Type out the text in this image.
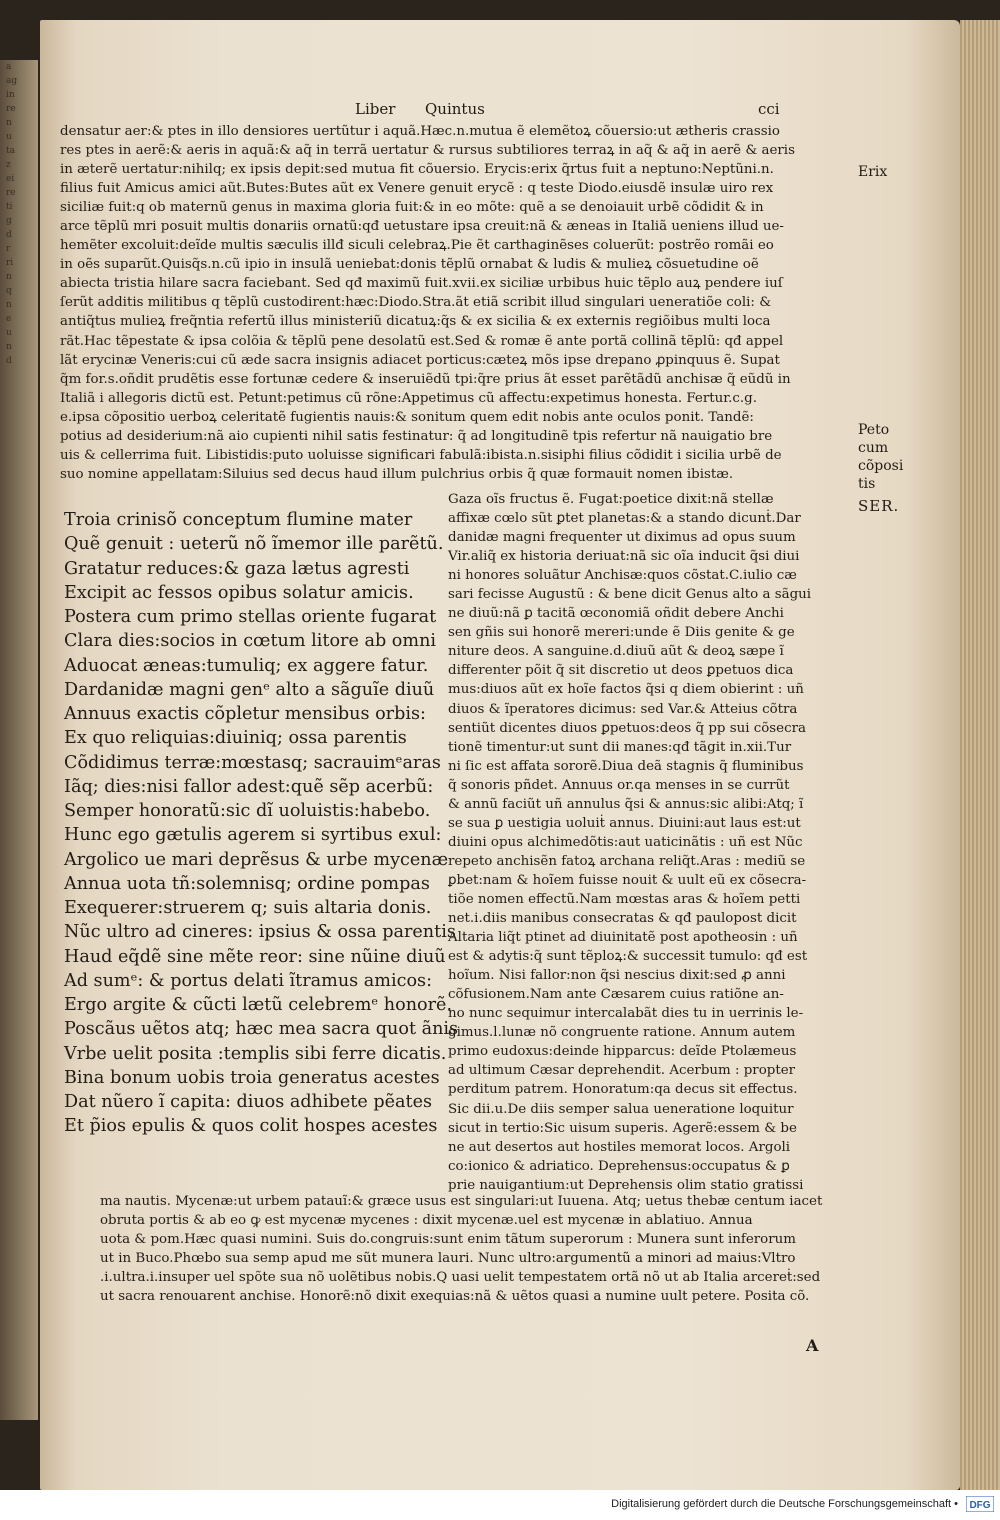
a
ag
in
re
n
u
ta
z
ei
re
ti
g
d
r
ri
n
q
n
e
u
n
d
Liber Quintus	cci
densatur aer:& ptes in illo densiores uertũtur i aquã.Hæc.n.mutua ẽ elemẽtoꝝ cõuersio:ut ætheris crassio
res ptes in aerẽ:& aeris in aquã:& aq̃ in terrã uertatur & rursus subtiliores terraꝝ in aq̃ & aq̃ in aerẽ & aeris
in æterẽ uertatur:nihilq; ex ipsis depit:sed mutua fit cõuersio. Erycis:erix q̃rtus fuit a neptuno:Neptũni.n.
filius fuit Amicus amici aũt.Butes:Butes aũt ex Venere genuit erycẽ : q teste Diodo.eiusdẽ insulæ uiro rex
siciliæ fuit:q ob maternũ genus in maxima gloria fuit:& in eo mõte: quẽ a se denoiauit urbẽ cõdidit & in
arce tẽplũ mri posuit multis donariis ornatũ:qđ uetustare ipsa creuit:nã & æneas in Italiã ueniens illud ue-
hemẽter excoluit:deĩde multis sæculis illđ siculi celebraꝝ.Pie ẽt carthaginẽses coluerũt: postrẽo romãi eo
in oẽs suparũt.Quisq̃s.n.cũ ipio in insulã ueniebat:donis tẽplũ ornabat & ludis & mulieꝝ cõsuetudine oẽ
abiecta tristia hilare sacra faciebant. Sed qđ maximũ fuit.xvii.ex siciliæ urbibus huic tẽplo auꝝ pendere iuſ
ſerũt additis militibus q tẽplũ custodirent:hæc:Diodo.Stra.ãt etiã scribit illud singulari ueneratiõe coli: &
antiq̃tus mulieꝝ freq̃ntia refertũ illus ministeriũ dicatuꝝ:q̃s & ex sicilia & ex externis regiõibus multi loca
rãt.Hac tẽpestate & ipsa colõia & tẽplũ pene desolatũ est.Sed & romæ ẽ ante portã collinã tẽplũ: qđ appel
lãt erycinæ Veneris:cui cũ æde sacra insignis adiacet porticus:cæteꝝ mõs ipse drepano ꝓpinquus ẽ. Supat
q̃m for.s.oñdit prudẽtis esse fortunæ cedere & inseruiẽdũ tpi:q̃re prius ãt esset parẽtãdũ anchisæ q̃ eũdũ in
Italiã i allegoris dictũ est. Petunt:petimus cũ rõne:Appetimus cũ affectu:expetimus honesta. Fertur.c.g.
e.ipsa cõpositio uerboꝝ celeritatẽ fugientis nauis:& sonitum quem edit nobis ante oculos ponit. Tandẽ:
potius ad desiderium:nã aio cupienti nihil satis festinatur: q̃ ad longitudinẽ tpis refertur nã nauigatio bre
uis & cellerrima fuit. Libistidis:puto uoluisse significari fabulã:ibista.n.sisiphi filius cõdidit i sicilia urbẽ de
suo nomine appellatam:Siluius sed decus haud illum pulchrius orbis q̃ quæ formauit nomen ibistæ.
Erix
Peto
cum
cõposi
tis
SER.
Troia crinisõ conceptum flumine mater
Quẽ genuit : ueterũ nõ ĩmemor ille parẽtũ.
Gratatur reduces:& gaza lætus agresti
Excipit ac fessos opibus solatur amicis.
Postera cum primo stellas oriente fugarat
Clara dies:socios in cœtum litore ab omni
Aduocat æneas:tumuliq; ex aggere fatur.
Dardanidæ magni genᵉ alto a sãguĩe diuũ
Annuus exactis cõpletur mensibus orbis:
Ex quo reliquias:diuiniq; ossa parentis
Cõdidimus terræ:mœstasq; sacrauimᵉaras
Iãq; dies:nisi fallor adest:quẽ sẽp acerbũ:
Semper honoratũ:sic dĩ uoluistis:habebo.
Hunc ego gætulis agerem si syrtibus exul:
Argolico ue mari deprẽsus & urbe mycenæ
Annua uota tñ:solemnisq; ordine pompas
Exequerer:struerem q; suis altaria donis.
Nũc ultro ad cineres: ipsius & ossa parentis
Haud eq̃dẽ sine mẽte reor: sine nũine diuũ
Ad sumᵉ: & portus delati ĩtramus amicos:
Ergo argite & cũcti lætũ celebremᵉ honorẽ.
Poscãus uẽtos atq; hæc mea sacra quot ãnis
Vrbe uelit posita :templis sibi ferre dicatis.
Bina bonum uobis troia generatus acestes
Dat nũero ĩ capita: diuos adhibete pẽates
Et p̃ios epulis & quos colit hospes acestes
Gaza oĩs fructus ẽ. Fugat:poetice dixit:nã stellæ
affixæ cœlo sũt ꝑtet planetas:& a stando dicunṫ.Dar
danidæ magni frequenter ut diximus ad opus suum
Vir.aliq̃ ex historia deriuat:nã sic oĩa inducit q̃si diui
ni honores soluãtur Anchisæ:quos cõstat.C.iulio cæ
sari fecisse Augustũ : & bene dicit Genus alto a sãgui
ne diuũ:nã ꝑ tacitã œconomiã oñdit debere Anchi
sen gñis sui honorẽ mereri:unde ẽ Diis genite & ge
niture deos. A sanguine.d.diuũ aũt & deoꝝ sæpe ĩ
differenter põit q̃ sit discretio ut deos ꝑpetuos dica
mus:diuos aũt ex hoĩe factos q̃si q diem obierint : uñ
diuos & ĩperatores dicimus: sed Var.& Atteius cõtra
sentiũt dicentes diuos ꝑpetuos:deos q̃ pp sui cõsecra
tionẽ timentur:ut sunt dii manes:qđ tãgit in.xii.Tur
ni ſic est affata sororẽ.Diua deã stagnis q̃ fluminibus
q̃ sonoris pñdet. Annuus or.qa menses in se currũt
& annũ faciũt uñ annulus q̃si & annus:sic alibi:Atq; ĩ
se sua ꝑ uestigia uoluiṫ annus. Diuini:aut laus est:ut
diuini opus alchimedõtis:aut uaticinãtis : uñ est Nũc
repeto anchisẽn fatoꝝ archana reliq̃t.Aras : mediũ se
ꝑbet:nam & hoĩem fuisse nouit & uult eũ ex cõsecra-
tiõe nomen effectũ.Nam mœstas aras & hoĩem petti
net.i.diis manibus consecratas & qđ paulopost dicit
Altaria liq̃t ptinet ad diuinitatẽ post apotheosin : uñ
est & adytis:q̃ sunt tẽploꝝ:& successit tumulo: qđ est
hoĩum. Nisi fallor:non q̃si nescius dixit:sed ꝓ anni
cõfusionem.Nam ante Cæsarem cuius ratiõne an-
no nunc sequimur intercalabãt dies tu in uerrinis le-
gimus.l.lunæ nõ congruente ratione. Annum autem
primo eudoxus:deinde hipparcus: deĩde Ptolæmeus
ad ultimum Cæsar deprehendit. Acerbum : propter
perditum patrem. Honoratum:qa decus sit effectus.
Sic dii.u.De diis semper salua ueneratione loquitur
sicut in tertio:Sic uisum superis. Agerẽ:essem & be
ne aut desertos aut hostiles memorat locos. Argoli
co:ionico & adriatico. Deprehensus:occupatus & ꝑ
prie nauigantium:ut Deprehensis olim statio gratissi
ma nautis. Mycenæ:ut urbem patauĩ:& græce usus est singulari:ut Iuuena. Atq; uetus thebæ centum iacet
obruta portis & ab eo ꝙ est mycenæ mycenes : dixit mycenæ.uel est mycenæ in ablatiuo. Annua
uota & pom.Hæc quasi numini. Suis do.congruis:sunt enim tãtum superorum : Munera sunt inferorum
ut in Buco.Phœbo sua semp apud me sũt munera lauri. Nunc ultro:argumentũ a minori ad maius:Vltro
.i.ultra.i.insuper uel spõte sua nõ uolẽtibus nobis.Q uasi uelit tempestatem ortã nõ ut ab Italia arcereṫ:sed
ut sacra renouarent anchise. Honorẽ:nõ dixit exequias:nã & uẽtos quasi a numine uult petere. Posita cõ.
A
Digitalisierung gefördert durch die Deutsche Forschungsgemeinschaft • DFG
